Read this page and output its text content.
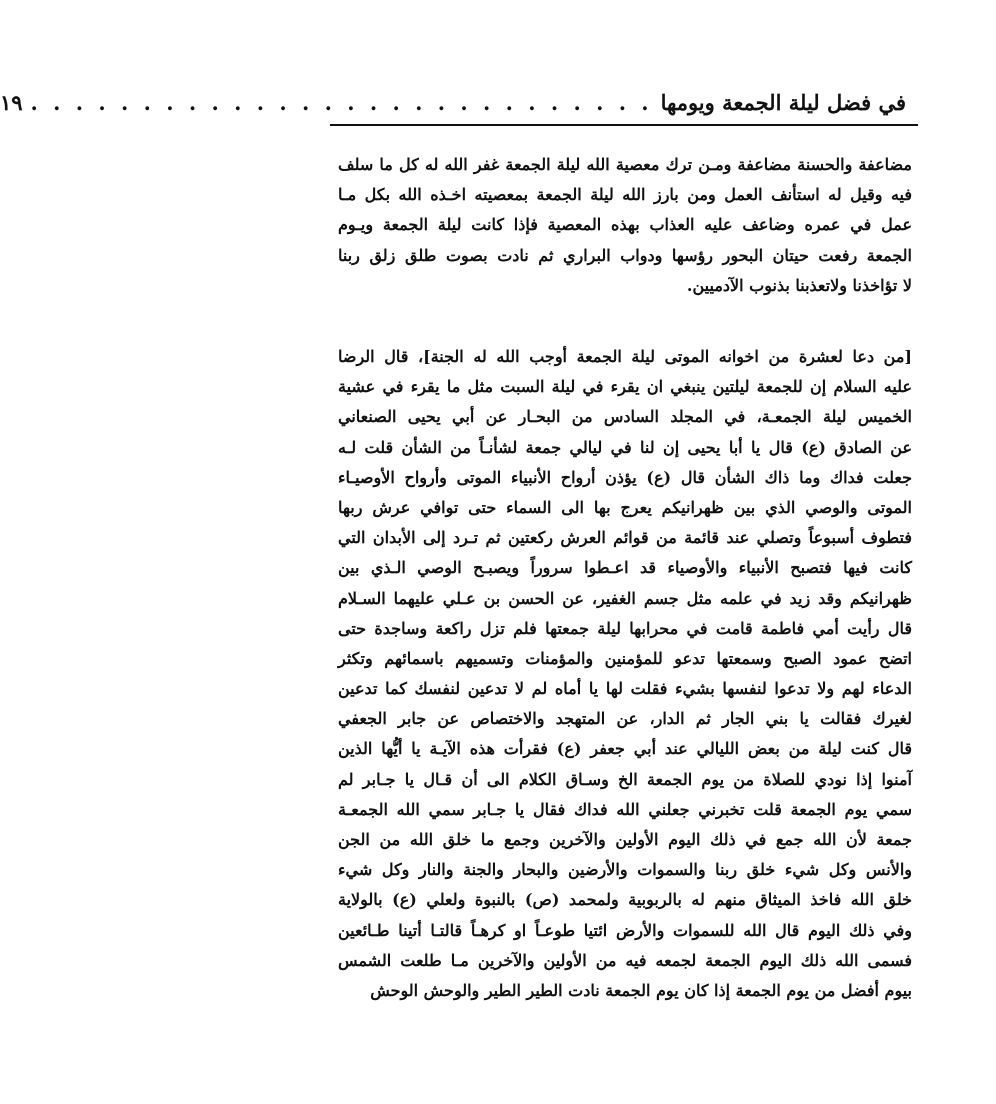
في فضل ليلة الجمعة ويومها
. . . . . . . . . . . . . . . . . . . . . . . . . . . .
١٩
مضاعفة والحسنة مضاعفة ومـن ترك معصية الله ليلة الجمعة غفر الله له كل ما سلف
فيه وقيل له استأنف العمل ومن بارز الله ليلة الجمعة بمعصيته اخـذه الله بكل مـا
عمل في عمره وضاعف عليه العذاب بهذه المعصية فإذا كانت ليلة الجمعة ويـوم
الجمعة رفعت حيتان البحور رؤسها ودواب البراري ثم نادت بصوت طلق زلق ربنا
لا تؤاخذنا ولاتعذبنا بذنوب الآدميين.
[من دعا لعشرة من اخوانه الموتى ليلة الجمعة أوجب الله له الجنة]، قال الرضا
عليه السلام إن للجمعة ليلتين ينبغي ان يقرء في ليلة السبت مثل ما يقرء في عشية
الخميس ليلة الجمعـة، في المجلد السادس من البحـار عن أبي يحيى الصنعاني
عن الصادق (ع) قال يا أبا يحيى إن لنا في ليالي جمعة لشأنـاً من الشأن قلت لـه
جعلت فداك وما ذاك الشأن قال (ع) يؤذن أرواح الأنبياء الموتى وأرواح الأوصيـاء
الموتى والوصي الذي بين ظهرانيكم يعرج بها الى السماء حتى توافي عرش ربها
فتطوف أسبوعاً وتصلي عند قائمة من قوائم العرش ركعتين ثم تـرد إلى الأبدان التي
كانت فيها فتصبح الأنبياء والأوصياء قد اعـطوا سروراً ويصبـح الوصي الـذي بين
ظهرانيكم وقد زيد في علمه مثل جسم الغفير، عن الحسن بن عـلي عليهما السـلام
قال رأيت أمي فاطمة قامت في محرابها ليلة جمعتها فلم تزل راكعة وساجدة حتى
اتضح عمود الصبح وسمعتها تدعو للمؤمنين والمؤمنات وتسميهم باسمائهم وتكثر
الدعاء لهم ولا تدعوا لنفسها بشيء فقلت لها يا أماه لم لا تدعين لنفسك كما تدعين
لغيرك فقالت يا بني الجار ثم الدار، عن المتهجد والاختصاص عن جابر الجعفي
قال كنت ليلة من بعض الليالي عند أبي جعفر (ع) فقرأت هذه الآيـة يا أيُّها الذين
آمنوا إذا نودي للصلاة من يوم الجمعة الخ وسـاق الكلام الى أن قـال يا جـابر لم
سمي يوم الجمعة قلت تخبرني جعلني الله فداك فقال يا جـابر سمي الله الجمعـة
جمعة لأن الله جمع في ذلك اليوم الأولين والآخرين وجمع ما خلق الله من الجن
والأنس وكل شيء خلق ربنا والسموات والأرضين والبحار والجنة والنار وكل شيء
خلق الله فاخذ الميثاق منهم له بالربوبية ولمحمد (ص) بالنبوة ولعلي (ع) بالولاية
وفي ذلك اليوم قال الله للسموات والأرض ائتيا طوعـاً او كرهـاً قالتـا أتينا طـائعين
فسمى الله ذلك اليوم الجمعة لجمعه فيه من الأولين والآخرين مـا طلعت الشمس
بيوم أفضل من يوم الجمعة إذا كان يوم الجمعة نادت الطير الطير والوحش الوحش
